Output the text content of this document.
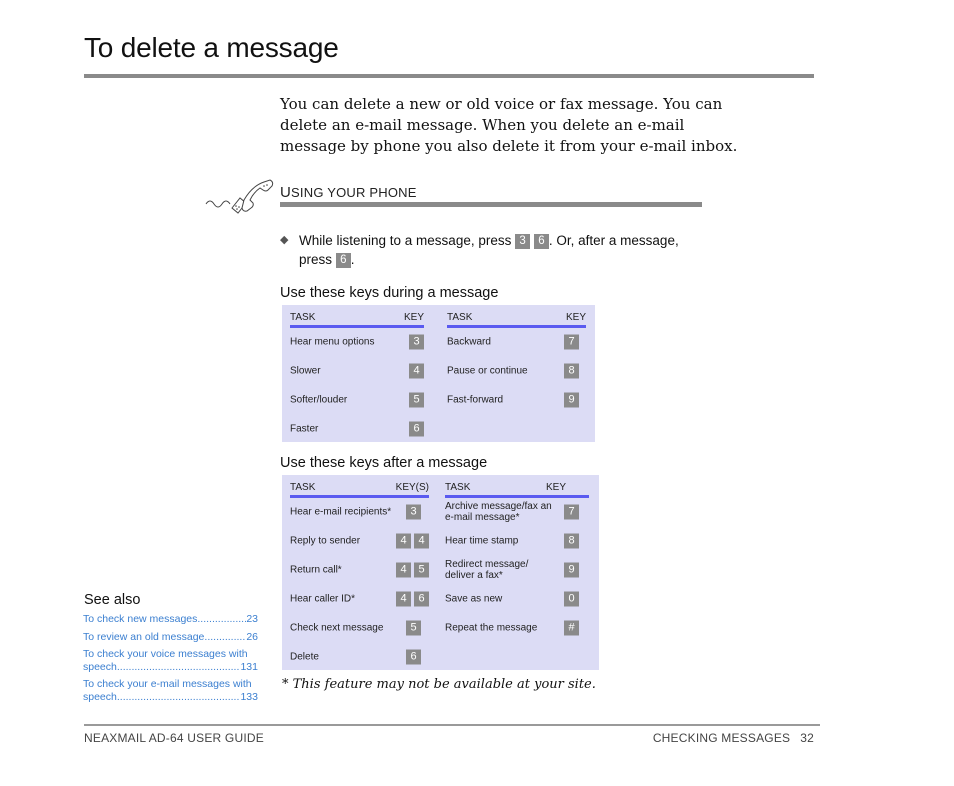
To delete a message

You can delete a new or old voice or fax message. You can delete an e-mail message. When you delete an e-mail message by phone you also delete it from your e-mail inbox.

USING YOUR PHONE
◆ While listening to a message, press 3 6 . Or, after a message, press 6 .
Use these keys during a message
TASK	KEY
Hear menu options	3
Slower	4
Softer/louder	5
Faster	6
TASK	KEY
Backward	7
Pause or continue	8
Fast-forward	9
Use these keys after a message
TASK	KEY(S)
Hear e-mail recipients*	3
Reply to sender	4	4
Return call*	4	5
Hear caller ID*	4	6
Check next message	5
Delete	6
TASK	KEY
Archive message/fax an
e-mail message*	7
Hear time stamp	8
Redirect message/
deliver a fax*	9
Save as new	0
Repeat the message	#
* This feature may not be available at your site.
See also
To check new messages .....	23
To review an old message .....	26
To check your voice messages with
speech .....	131
To check your e-mail messages with
speech .....	133
NEAXMAIL AD-64 USER GUIDE	CHECKING MESSAGES 32
